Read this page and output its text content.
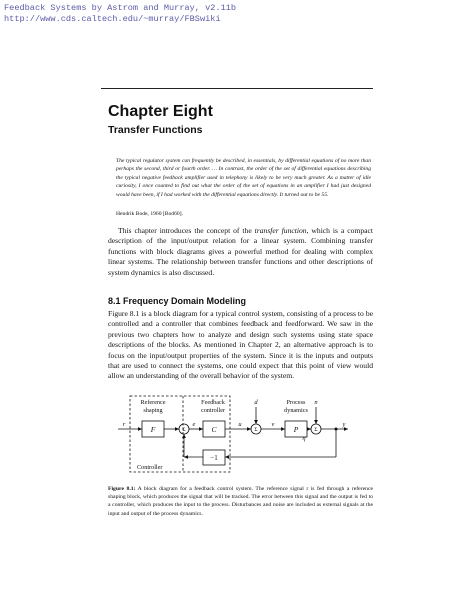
Feedback Systems by Astrom and Murray, v2.11b
http://www.cds.caltech.edu/~murray/FBSwiki
Chapter Eight
Transfer Functions
The typical regulator system can frequently be described, in essentials, by differential equations of no more than perhaps the second, third or fourth order. … In contrast, the order of the set of differential equations describing the typical negative feedback amplifier used in telephony is likely to be very much greater. As a matter of idle curiosity, I once counted to find out what the order of the set of equations in an amplifier I had just designed would have been, if I had worked with the differential equations directly. It turned out to be 55.
Hendrik Bode, 1960 [Bod60].
This chapter introduces the concept of the transfer function, which is a compact description of the input/output relation for a linear system. Combining transfer functions with block diagrams gives a powerful method for dealing with complex linear systems. The relationship between transfer functions and other descriptions of system dynamics is also discussed.
8.1 Frequency Domain Modeling
Figure 8.1 is a block diagram for a typical control system, consisting of a process to be controlled and a controller that combines feedback and feedforward. We saw in the previous two chapters how to analyze and design such systems using state space descriptions of the blocks. As mentioned in Chapter 2, an alternative approach is to focus on the input/output properties of the system. Since it is the inputs and outputs that are used to connect the systems, one could expect that this point of view would allow an understanding of the overall behavior of the system.
Reference
shaping
Feedback
controller
Process
dynamics
Controller
F	C	P
−1
Σ	Σ	Σ
r	e	u
d
ν
η
n
y
Figure 8.1: A block diagram for a feedback control system. The reference signal r is fed through a reference shaping block, which produces the signal that will be tracked. The error between this signal and the output is fed to a controller, which produces the input to the process. Disturbances and noise are included as external signals at the input and output of the process dynamics.
